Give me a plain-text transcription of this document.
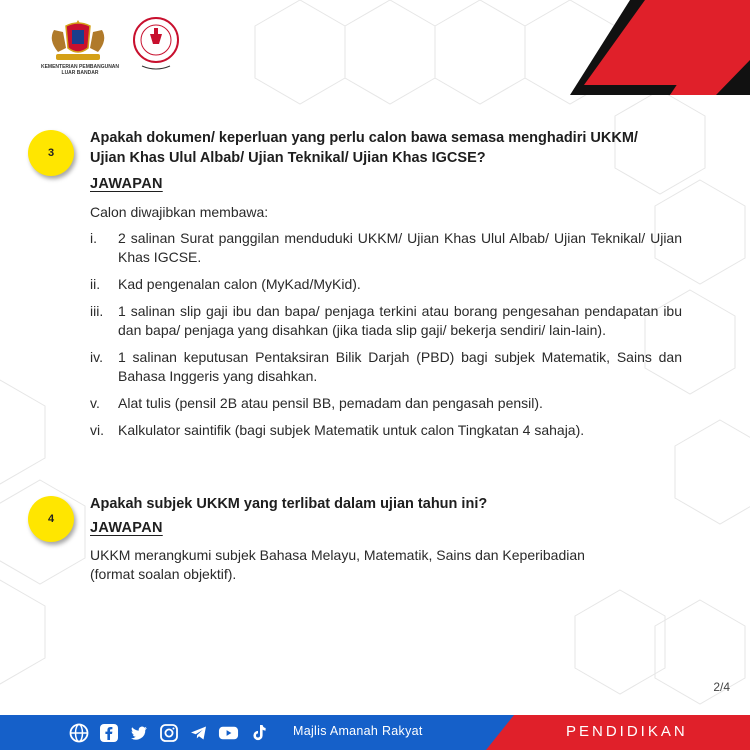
KEMENTERIAN PEMBANGUNAN LUAR BANDAR
3
Apakah dokumen/ keperluan yang perlu calon bawa semasa menghadiri UKKM/
Ujian Khas Ulul Albab/ Ujian Teknikal/ Ujian Khas IGCSE?
JAWAPAN
Calon diwajibkan membawa:
i. 2 salinan Surat panggilan menduduki UKKM/ Ujian Khas Ulul Albab/ Ujian Teknikal/ Ujian Khas IGCSE.
ii. Kad pengenalan calon (MyKad/MyKid).
iii. 1 salinan slip gaji ibu dan bapa/ penjaga terkini atau borang pengesahan pendapatan ibu dan bapa/ penjaga yang disahkan (jika tiada slip gaji/ bekerja sendiri/ lain-lain).
iv. 1 salinan keputusan Pentaksiran Bilik Darjah (PBD) bagi subjek Matematik, Sains dan Bahasa Inggeris yang disahkan.
v. Alat tulis (pensil 2B atau pensil BB, pemadam dan pengasah pensil).
vi. Kalkulator saintifik (bagi subjek Matematik untuk calon Tingkatan 4 sahaja).
4
Apakah subjek UKKM yang terlibat dalam ujian tahun ini?
JAWAPAN
UKKM merangkumi subjek Bahasa Melayu, Matematik, Sains dan Keperibadian
(format soalan objektif).
2/4
Majlis Amanah Rakyat	PENDIDIKAN
